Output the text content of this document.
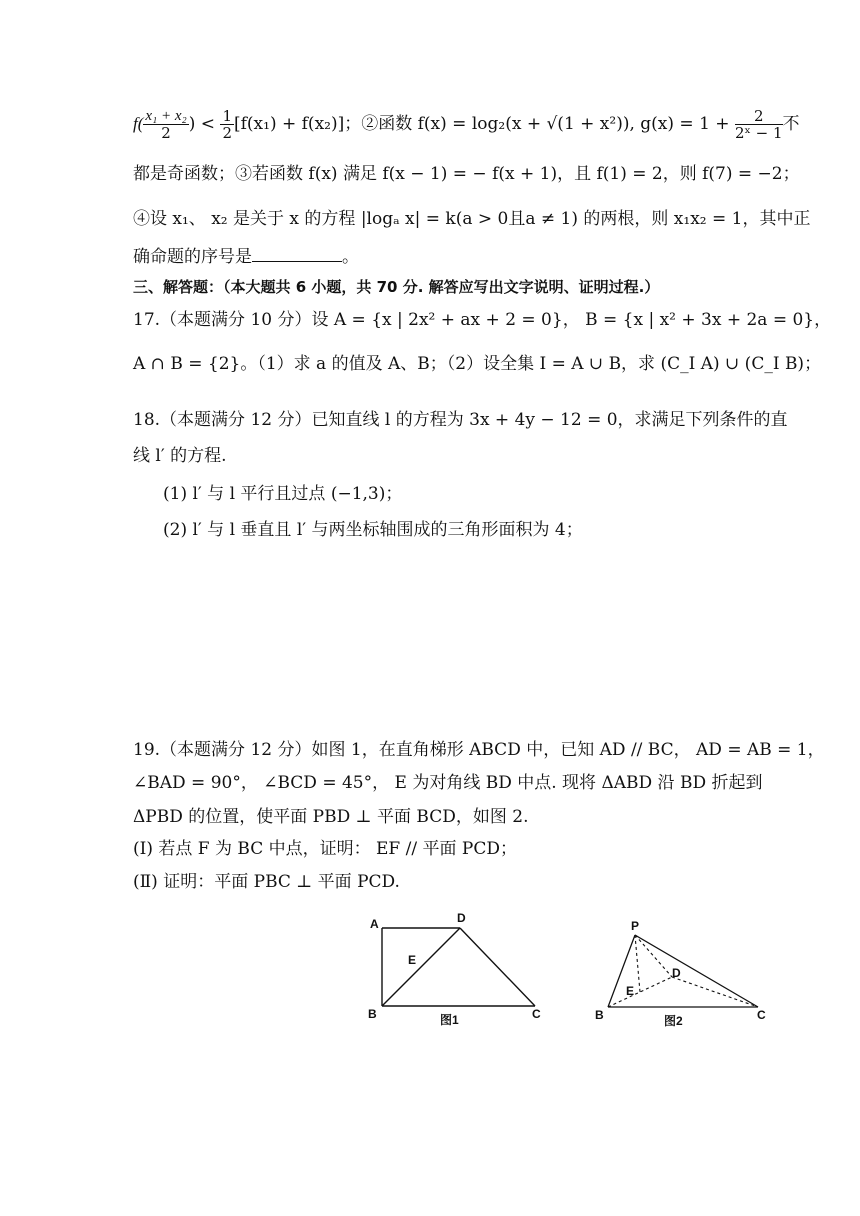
$f( \frac{\text{x₁ + x₂}}{2}$ ) < $\frac{1}{2} [f(x_1) + f(x_2)]$；②函数 f(x) = log₂(x + √(1 + x²)), $g(x) = 1 + \frac{2}{\text{2ˣ − 1}}$ 不
都是奇函数；③若函数 f(x) 满足 f(x − 1) = − f(x + 1)，且 f(1) = 2，则 f(7) = −2；
④设 x₁、 x₂ 是关于 x 的方程 |logₐ x| = k(a > 0且a ≠ 1) 的两根，则 x₁x₂ = 1，其中正
确命题的序号是	。
三、解答题：（本大题共 6 小题，共 70 分. 解答应写出文字说明、证明过程.）
17.（本题满分 10 分）设 A = {x | 2x² + ax + 2 = 0}， B = {x | x² + 3x + 2a = 0}，
A ∩ B = {2}。（1）求 a 的值及 A、B；（2）设全集 I = A ∪ B，求 (C_I A) ∪ (C_I B)；
18.（本题满分 12 分）已知直线 l 的方程为 3x + 4y − 12 = 0，求满足下列条件的直
线 l′ 的方程.
(1) l′ 与 l 平行且过点 (−1,3)；
(2) l′ 与 l 垂直且 l′ 与两坐标轴围成的三角形面积为 4；
19.（本题满分 12 分）如图 1，在直角梯形 ABCD 中，已知 AD // BC， AD = AB = 1，
∠BAD = 90°， ∠BCD = 45°， E 为对角线 BD 中点. 现将 ΔABD 沿 BD 折起到
ΔPBD 的位置，使平面 PBD ⊥ 平面 BCD，如图 2.
(Ⅰ) 若点 F 为 BC 中点，证明： EF // 平面 PCD；
(Ⅱ) 证明：平面 PBC ⊥ 平面 PCD.
A	D
E
B	C
图1
P
D
E
B	C
图2
